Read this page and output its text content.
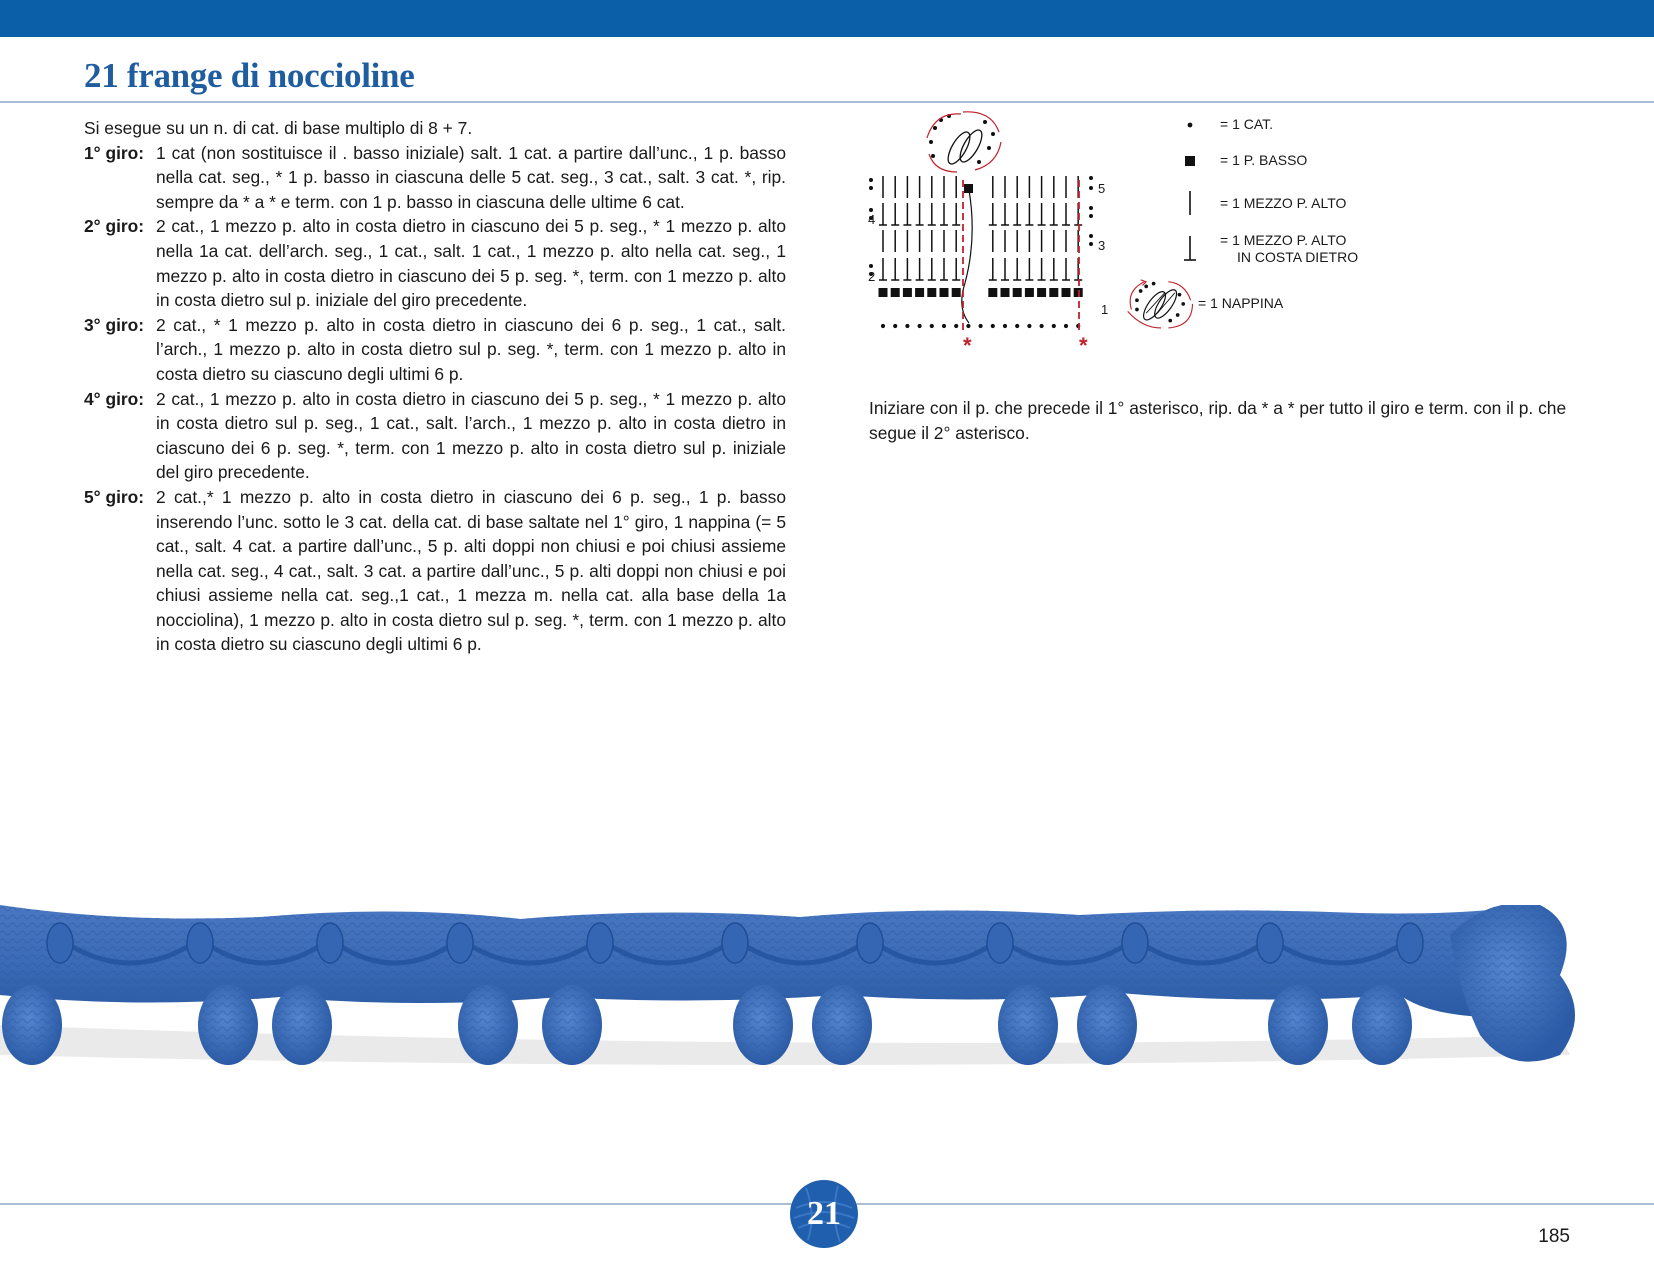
21 frange di noccioline

Si esegue su un n. di cat. di base multiplo di 8 + 7.

1° giro: 1 cat (non sostituisce il . basso iniziale) salt. 1 cat. a partire dall’unc., 1 p. basso nella cat. seg., * 1 p. basso in ciascuna delle 5 cat. seg., 3 cat., salt. 3 cat. *, rip. sempre da * a * e term. con 1 p. basso in ciascuna delle ultime 6 cat.
2° giro: 2 cat., 1 mezzo p. alto in costa dietro in ciascuno dei 5 p. seg., * 1 mezzo p. alto nella 1a cat. dell’arch. seg., 1 cat., salt. 1 cat., 1 mezzo p. alto nella cat. seg., 1 mezzo p. alto in costa dietro in ciascuno dei 5 p. seg. *, term. con 1 mezzo p. alto in costa dietro sul p. iniziale del giro precedente.
3° giro: 2 cat., * 1 mezzo p. alto in costa dietro in ciascuno dei 6 p. seg., 1 cat., salt. l’arch., 1 mezzo p. alto in costa dietro sul p. seg. *, term. con 1 mezzo p. alto in costa dietro su ciascuno degli ultimi 6 p.
4° giro: 2 cat., 1 mezzo p. alto in costa dietro in ciascuno dei 5 p. seg., * 1 mezzo p. alto in costa dietro sul p. seg., 1 cat., salt. l’arch., 1 mezzo p. alto in costa dietro in ciascuno dei 6 p. seg. *, term. con 1 mezzo p. alto in costa dietro sul p. iniziale del giro precedente.
5° giro: 2 cat.,* 1 mezzo p. alto in costa dietro in ciascuno dei 6 p. seg., 1 p. basso inserendo l’unc. sotto le 3 cat. della cat. di base saltate nel 1° giro, 1 nappina (= 5 cat., salt. 4 cat. a partire dall’unc., 5 p. alti doppi non chiusi e poi chiusi assieme nella cat. seg., 4 cat., salt. 3 cat. a partire dall’unc., 5 p. alti doppi non chiusi e poi chiusi assieme nella cat. seg.,1 cat., 1 mezza m. nella cat. alla base della 1a nocciolina), 1 mezzo p. alto in costa dietro sul p. seg. *, term. con 1 mezzo p. alto in costa dietro su ciascuno degli ultimi 6 p.
5
4
3
2
1
*	*
= 1 CAT.
= 1 P. BASSO
= 1 MEZZO P. ALTO
= 1 MEZZO P. ALTO
IN COSTA DIETRO
= 1 NAPPINA
Iniziare con il p. che precede il 1° asterisco, rip. da * a * per tutto il giro e term. con il p. che segue il 2° asterisco.
21
185
